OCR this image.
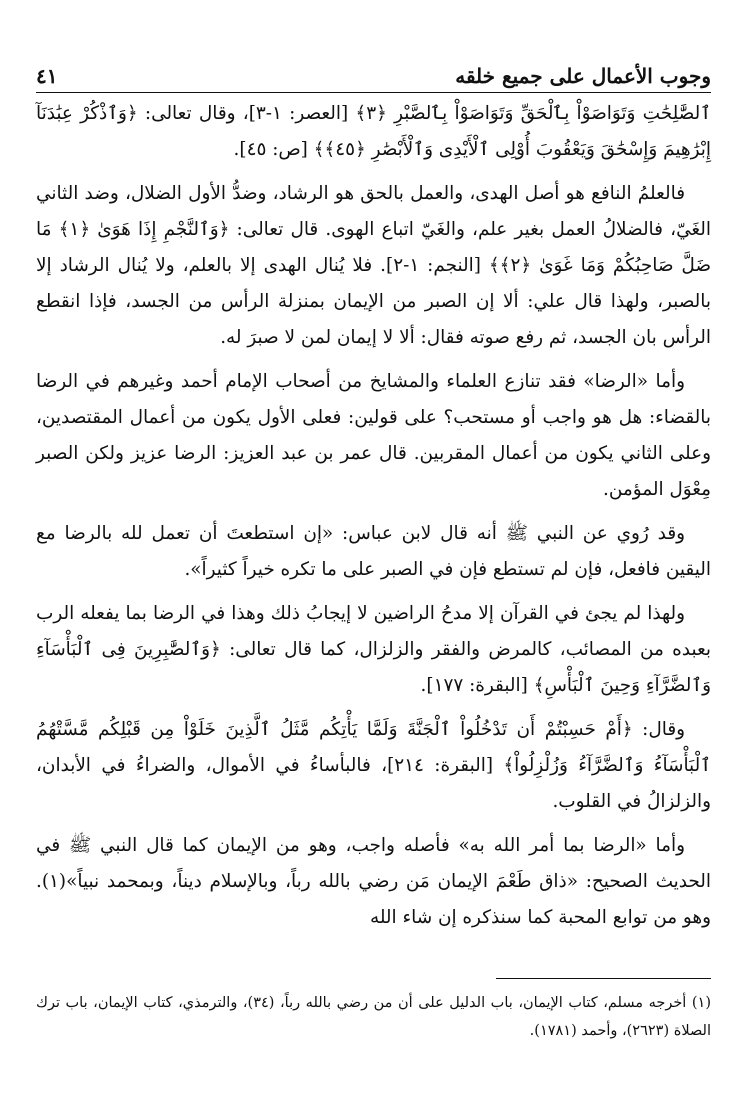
وجوب الأعمال على جميع خلقه
٤١

ٱلصَّٰلِحَٰتِ وَتَوَاصَوْاْ بِٱلْحَقِّ وَتَوَاصَوْاْ بِٱلصَّبْرِ ﴿٣﴾ [العصر: ١-٣]، وقال تعالى: ﴿وَٱذْكُرْ عِبَٰدَنَآ إِبْرَٰهِيمَ وَإِسْحَٰقَ وَيَعْقُوبَ أُوْلِى ٱلْأَيْدِى وَٱلْأَبْصَٰرِ ﴿٤٥﴾﴾ [ص: ٤٥].

فالعلمُ النافع هو أصل الهدى، والعمل بالحق هو الرشاد، وضدُّ الأول الضلال، وضد الثاني الغَيّ، فالضلالُ العمل بغير علم، والغَيّ اتباع الهوى. قال تعالى: ﴿وَٱلنَّجْمِ إِذَا هَوَىٰ ﴿١﴾ مَا ضَلَّ صَاحِبُكُمْ وَمَا غَوَىٰ ﴿٢﴾﴾ [النجم: ١-٢]. فلا يُنال الهدى إلا بالعلم، ولا يُنال الرشاد إلا بالصبر، ولهذا قال علي: ألا إن الصبر من الإيمان بمنزلة الرأس من الجسد، فإذا انقطع الرأس بان الجسد، ثم رفع صوته فقال: ألا لا إيمان لمن لا صبرَ له.

وأما «الرضا» فقد تنازع العلماء والمشايخ من أصحاب الإمام أحمد وغيرهم في الرضا بالقضاء: هل هو واجب أو مستحب؟ على قولين: فعلى الأول يكون من أعمال المقتصدين، وعلى الثاني يكون من أعمال المقربين. قال عمر بن عبد العزيز: الرضا عزيز ولكن الصبر مِعْوَل المؤمن.

وقد رُوي عن النبي ﷺ أنه قال لابن عباس: «إن استطعتَ أن تعمل لله بالرضا مع اليقين فافعل، فإن لم تستطع فإن في الصبر على ما تكره خيراً كثيراً».

ولهذا لم يجئ في القرآن إلا مدحُ الراضين لا إيجابُ ذلك وهذا في الرضا بما يفعله الرب بعبده من المصائب، كالمرض والفقر والزلزال، كما قال تعالى: ﴿وَٱلصَّٰبِرِينَ فِى ٱلْبَأْسَآءِ وَٱلضَّرَّآءِ وَحِينَ ٱلْبَأْسِ﴾ [البقرة: ١٧٧].

وقال: ﴿أَمْ حَسِبْتُمْ أَن تَدْخُلُواْ ٱلْجَنَّةَ وَلَمَّا يَأْتِكُم مَّثَلُ ٱلَّذِينَ خَلَوْاْ مِن قَبْلِكُم مَّسَّتْهُمُ ٱلْبَأْسَآءُ وَٱلضَّرَّآءُ وَزُلْزِلُواْ﴾ [البقرة: ٢١٤]، فالبأساءُ في الأموال، والضراءُ في الأبدان، والزلزالُ في القلوب.

وأما «الرضا بما أمر الله به» فأصله واجب، وهو من الإيمان كما قال النبي ﷺ في الحديث الصحيح: «ذاق طَعْمَ الإيمان مَن رضي بالله رباً، وبالإسلام ديناً، وبمحمد نبياً»(١). وهو من توابع المحبة كما سنذكره إن شاء الله

(١) أخرجه مسلم، كتاب الإيمان، باب الدليل على أن من رضي بالله رباً، (٣٤)، والترمذي، كتاب الإيمان، باب ترك الصلاة (٢٦٢٣)، وأحمد (١٧٨١).
